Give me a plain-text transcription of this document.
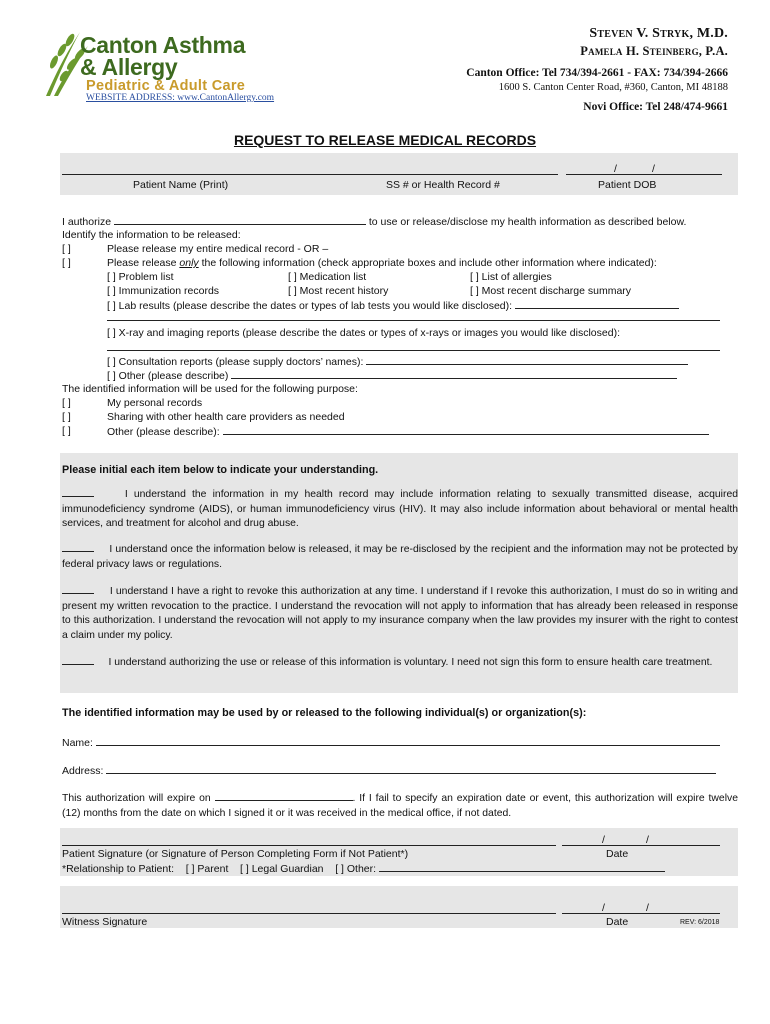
Canton Asthma
& Allergy
Pediatric & Adult Care
WEBSITE ADDRESS: www.CantonAllergy.com
Steven V. Stryk, M.D.
Pamela H. Steinberg, P.A.
Canton Office: Tel 734/394-2661 - FAX: 734/394-2666
1600 S. Canton Center Road, #360, Canton, MI 48188
Novi Office: Tel 248/474-9661
REQUEST TO RELEASE MEDICAL RECORDS
/	/
Patient Name (Print)	SS # or Health Record #	Patient DOB
I authorize	to use or release/disclose my health information as described below.
Identify the information to be released:
[ ]	Please release my entire medical record - OR –
[ ]	Please release only the following information (check appropriate boxes and include other information where indicated):
[ ] Problem list	[ ] Medication list	[ ] List of allergies
[ ] Immunization records	[ ] Most recent history	[ ] Most recent discharge summary
[ ] Lab results (please describe the dates or types of lab tests you would like disclosed):
[ ] X-ray and imaging reports (please describe the dates or types of x-rays or images you would like disclosed):
[ ] Consultation reports (please supply doctors’ names):
[ ] Other (please describe)
The identified information will be used for the following purpose:
[ ]	My personal records
[ ]	Sharing with other health care providers as needed
[ ]	Other (please describe):
Please initial each item below to indicate your understanding.
I understand the information in my health record may include information relating to sexually transmitted disease, acquired immunodeficiency syndrome (AIDS), or human immunodeficiency virus (HIV). It may also include information about behavioral or mental health services, and treatment for alcohol and drug abuse.
I understand once the information below is released, it may be re-disclosed by the recipient and the information may not be protected by federal privacy laws or regulations.
I understand I have a right to revoke this authorization at any time. I understand if I revoke this authorization, I must do so in writing and present my written revocation to the practice. I understand the revocation will not apply to information that has already been released in response to this authorization. I understand the revocation will not apply to my insurance company when the law provides my insurer with the right to contest a claim under my policy.
I understand authorizing the use or release of this information is voluntary. I need not sign this form to ensure health care treatment.
The identified information may be used by or released to the following individual(s) or organization(s):
Name:
Address:
This authorization will expire on	. If I fail to specify an expiration date or event, this authorization will expire twelve (12) months from the date on which I signed it or it was received in the medical office, if not dated.
/	/
Patient Signature (or Signature of Person Completing Form if Not Patient*)	Date
*Relationship to Patient: [ ] Parent [ ] Legal Guardian [ ] Other:
/	/
Witness Signature	Date	REV: 6/2018
